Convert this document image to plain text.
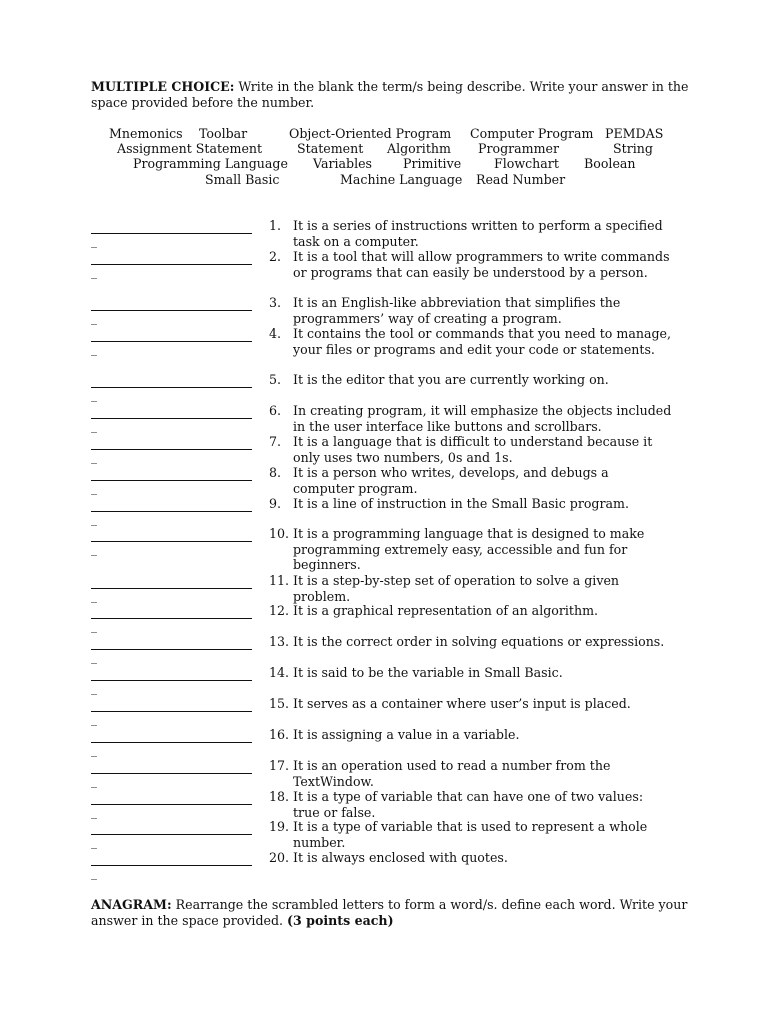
MULTIPLE CHOICE: Write in the blank the term/s being describe. Write your answer in the space provided before the number.
Mnemonics Toolbar	Object-Oriented Program Computer Program PEMDAS
Assignment Statement	Statement Algorithm Programmer	String
Programming Language Variables Primitive	Flowchart Boolean
Small Basic	Machine Language Read Number
_
1. It is a series of instructions written to perform a specified task on a computer.
_
2. It is a tool that will allow programmers to write commands or programs that can easily be understood by a person.
_
3. It is an English-like abbreviation that simplifies the programmers’ way of creating a program.
_
4. It contains the tool or commands that you need to manage, your files or programs and edit your code or statements.
_
5. It is the editor that you are currently working on.
_
6. In creating program, it will emphasize the objects included in the user interface like buttons and scrollbars.
_
7. It is a language that is difficult to understand because it only uses two numbers, 0s and 1s.
_
8. It is a person who writes, develops, and debugs a computer program.
_
9. It is a line of instruction in the Small Basic program.
_
10. It is a programming language that is designed to make programming extremely easy, accessible and fun for beginners.
_
11. It is a step-by-step set of operation to solve a given problem.
_
12. It is a graphical representation of an algorithm.
_
13. It is the correct order in solving equations or expressions.
_
14. It is said to be the variable in Small Basic.
_
15. It serves as a container where user’s input is placed.
_
16. It is assigning a value in a variable.
_
17. It is an operation used to read a number from the TextWindow.
_
18. It is a type of variable that can have one of two values: true or false.
_
19. It is a type of variable that is used to represent a whole number.
_
20. It is always enclosed with quotes.
ANAGRAM: Rearrange the scrambled letters to form a word/s. define each word. Write your answer in the space provided. (3 points each)
